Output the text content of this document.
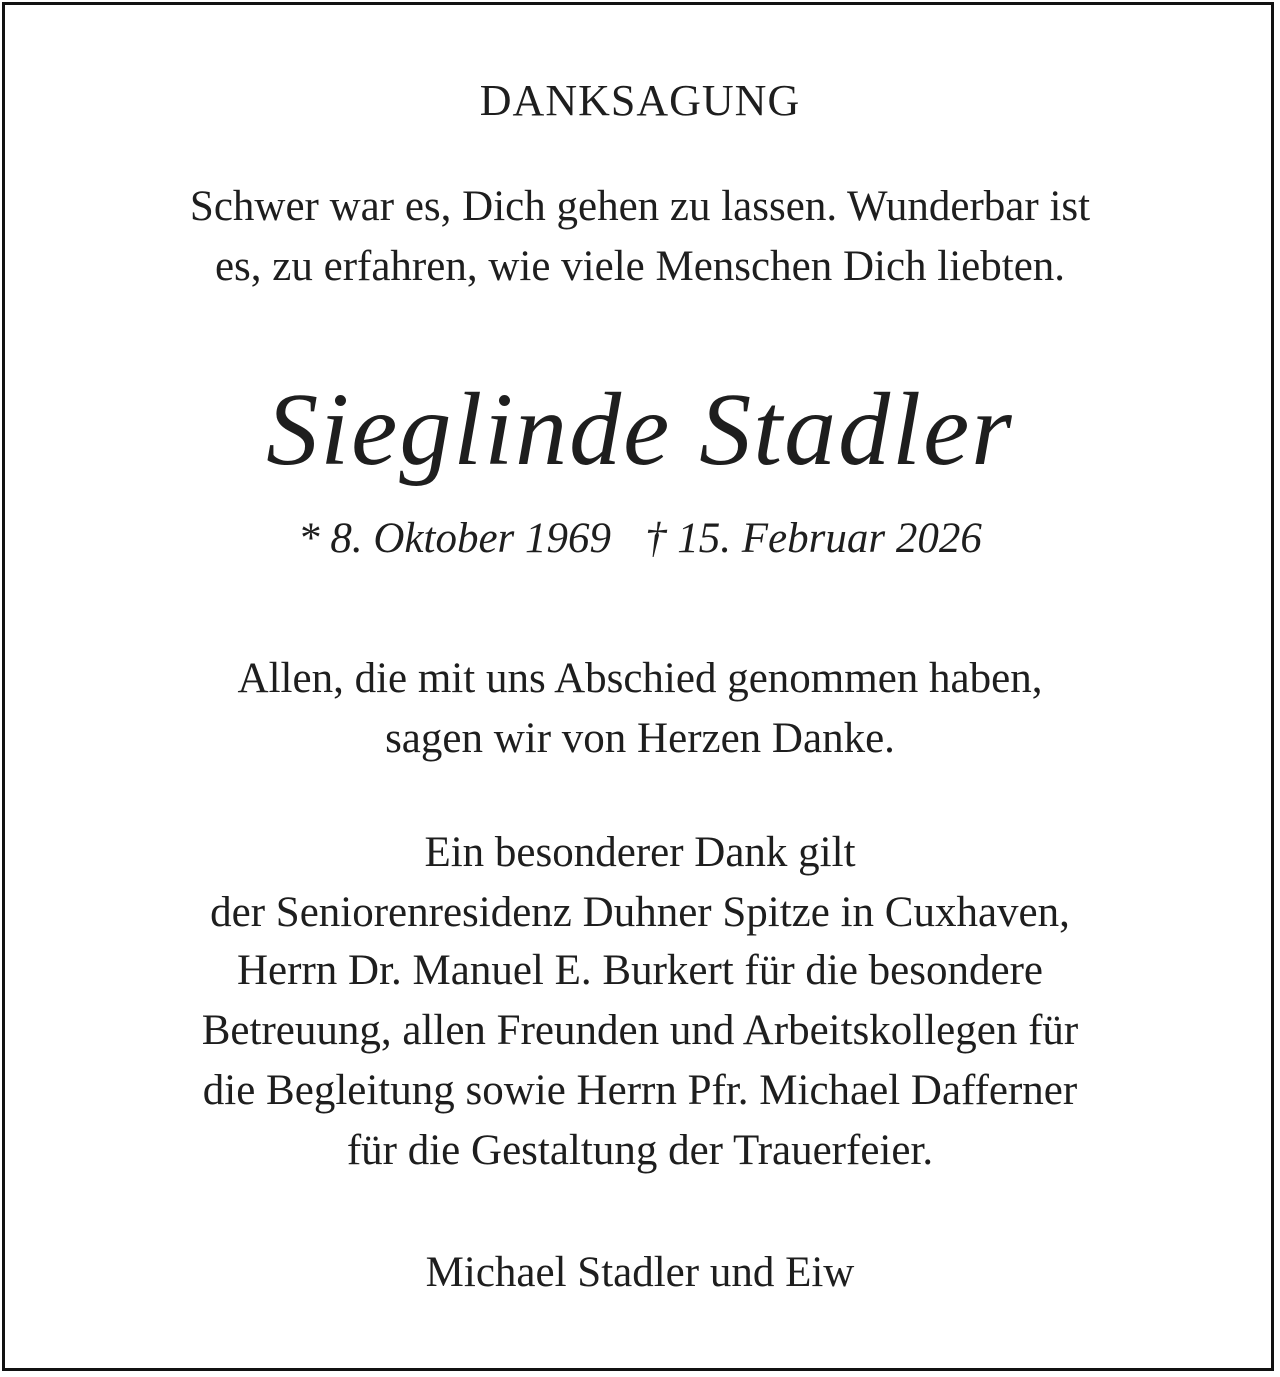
DANKSAGUNG
Schwer war es, Dich gehen zu lassen. Wunderbar ist
es, zu erfahren, wie viele Menschen Dich liebten.
Sieglinde Stadler
* 8. Oktober 1969 † 15. Februar 2026
Allen, die mit uns Abschied genommen haben,
sagen wir von Herzen Danke.
Ein besonderer Dank gilt
der Seniorenresidenz Duhner Spitze in Cuxhaven,
Herrn Dr. Manuel E. Burkert für die besondere
Betreuung, allen Freunden und Arbeitskollegen für
die Begleitung sowie Herrn Pfr. Michael Dafferner
für die Gestaltung der Trauerfeier.
Michael Stadler und Eiw
